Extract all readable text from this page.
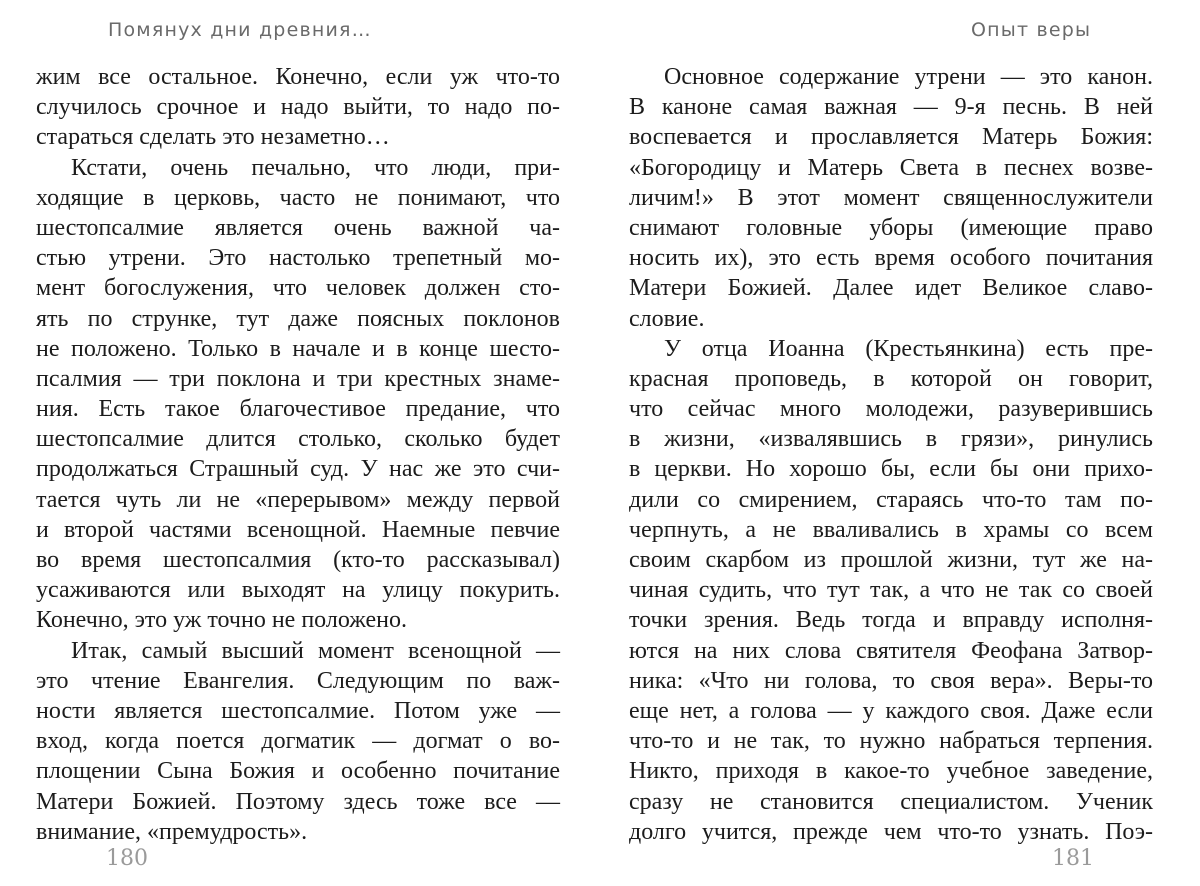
Помянух дни древния…
жим все остальное. Конечно, если уж что-то
случилось срочное и надо выйти, то надо по-
стараться сделать это незаметно…
Кстати, очень печально, что люди, при-
ходящие в церковь, часто не понимают, что
шестопсалмие является очень важной ча-
стью утрени. Это настолько трепетный мо-
мент богослужения, что человек должен сто-
ять по струнке, тут даже поясных поклонов
не положено. Только в начале и в конце шесто-
псалмия — три поклона и три крестных знаме-
ния. Есть такое благочестивое предание, что
шестопсалмие длится столько, сколько будет
продолжаться Страшный суд. У нас же это счи-
тается чуть ли не «перерывом» между первой
и второй частями всенощной. Наемные певчие
во время шестопсалмия (кто-то рассказывал)
усаживаются или выходят на улицу покурить.
Конечно, это уж точно не положено.
Итак, самый высший момент всенощной —
это чтение Евангелия. Следующим по важ-
ности является шестопсалмие. Потом уже —
вход, когда поется догматик — догмат о во-
площении Сына Божия и особенно почитание
Матери Божией. Поэтому здесь тоже все —
внимание, «премудрость».
180
Опыт веры
Основное содержание утрени — это канон.
В каноне самая важная — 9-я песнь. В ней
воспевается и прославляется Матерь Божия:
«Богородицу и Матерь Света в песнех возве-
личим!» В этот момент священнослужители
снимают головные уборы (имеющие право
носить их), это есть время особого почитания
Матери Божией. Далее идет Великое славо-
словие.
У отца Иоанна (Крестьянкина) есть пре-
красная проповедь, в которой он говорит,
что сейчас много молодежи, разуверившись
в жизни, «извалявшись в грязи», ринулись
в церкви. Но хорошо бы, если бы они прихо-
дили со смирением, стараясь что-то там по-
черпнуть, а не вваливались в храмы со всем
своим скарбом из прошлой жизни, тут же на-
чиная судить, что тут так, а что не так со своей
точки зрения. Ведь тогда и вправду исполня-
ются на них слова святителя Феофана Затвор-
ника: «Что ни голова, то своя вера». Веры-то
еще нет, а голова — у каждого своя. Даже если
что-то и не так, то нужно набраться терпения.
Никто, приходя в какое-то учебное заведение,
сразу не становится специалистом. Ученик
долго учится, прежде чем что-то узнать. Поэ-
181
